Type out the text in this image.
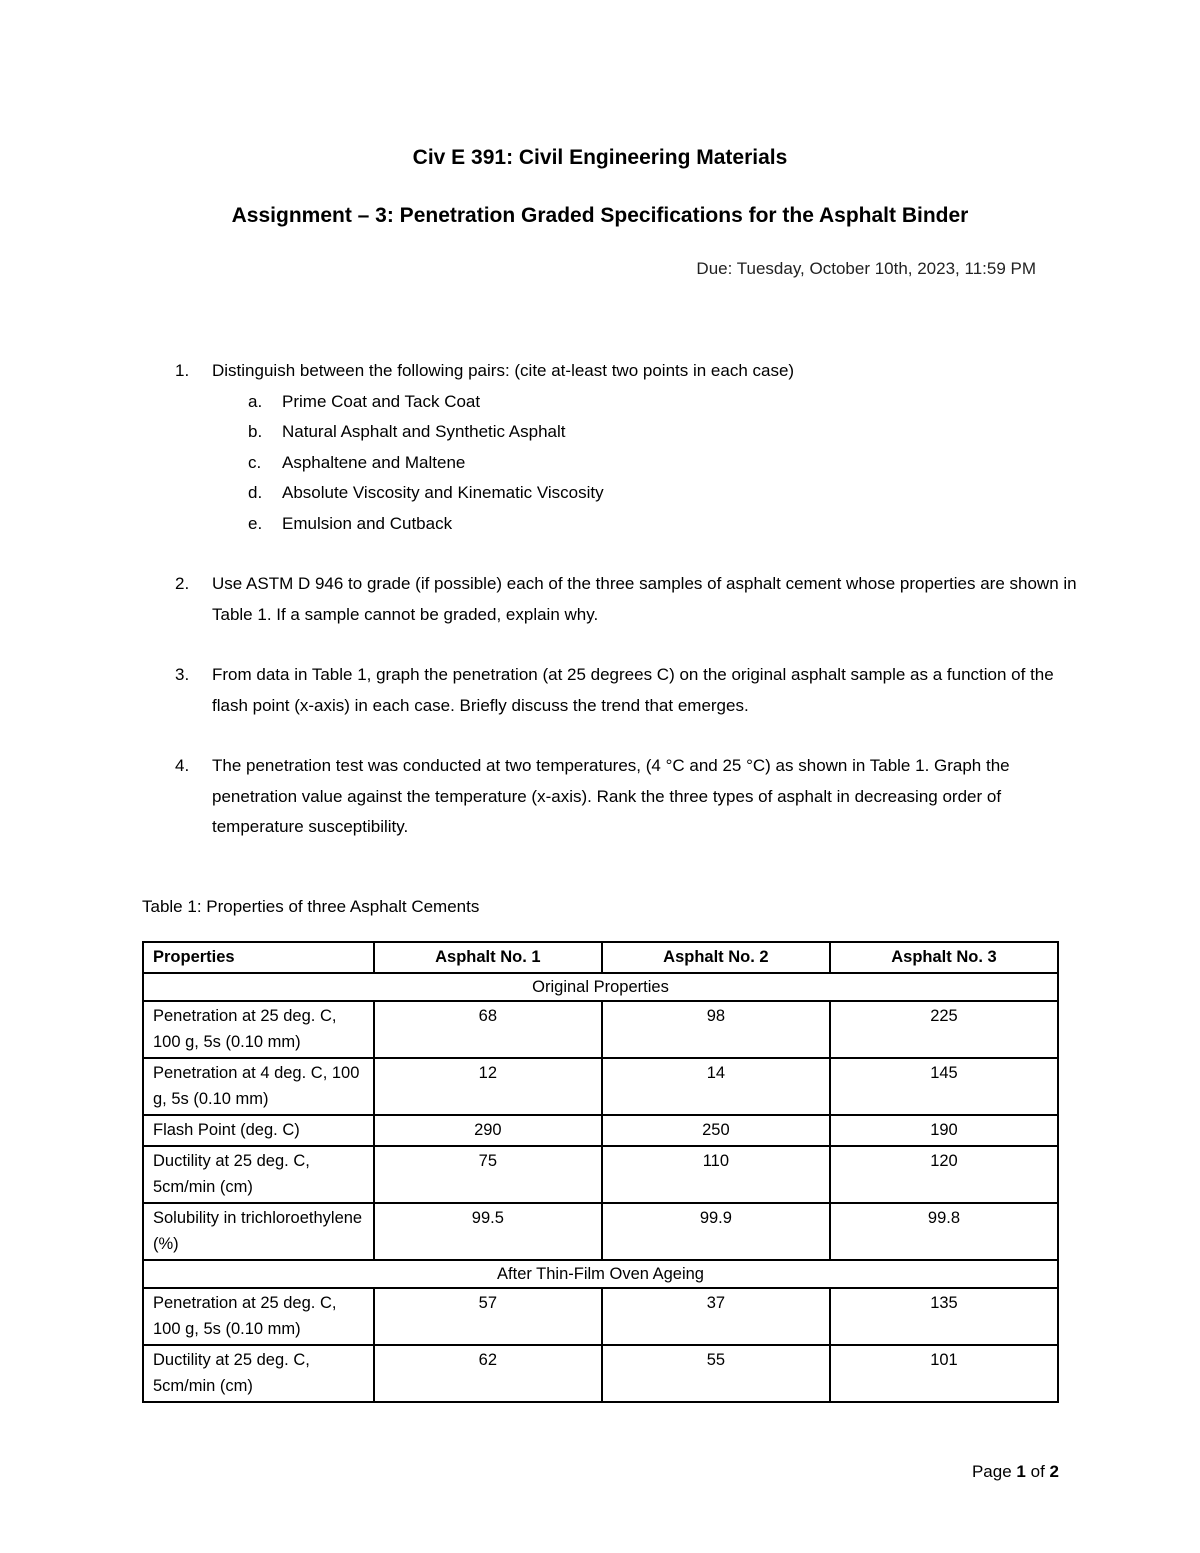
Civ E 391: Civil Engineering Materials
Assignment – 3: Penetration Graded Specifications for the Asphalt Binder
Due: Tuesday, October 10th, 2023, 11:59 PM
1. Distinguish between the following pairs: (cite at-least two points in each case)
a. Prime Coat and Tack Coat
b. Natural Asphalt and Synthetic Asphalt
c. Asphaltene and Maltene
d. Absolute Viscosity and Kinematic Viscosity
e. Emulsion and Cutback
2. Use ASTM D 946 to grade (if possible) each of the three samples of asphalt cement whose properties are shown in Table 1. If a sample cannot be graded, explain why.
3. From data in Table 1, graph the penetration (at 25 degrees C) on the original asphalt sample as a function of the flash point (x-axis) in each case. Briefly discuss the trend that emerges.
4. The penetration test was conducted at two temperatures, (4 °C and 25 °C) as shown in Table 1. Graph the penetration value against the temperature (x-axis). Rank the three types of asphalt in decreasing order of temperature susceptibility.
Table 1: Properties of three Asphalt Cements
Properties	Asphalt No. 1	Asphalt No. 2	Asphalt No. 3
Original Properties			
Penetration at 25 deg. C, 100 g, 5s (0.10 mm)	68	98	225
Penetration at 4 deg. C, 100 g, 5s (0.10 mm)	12	14	145
Flash Point (deg. C)	290	250	190
Ductility at 25 deg. C, 5cm/min (cm)	75	110	120
Solubility in trichloroethylene (%)	99.5	99.9	99.8
After Thin-Film Oven Ageing			
Penetration at 25 deg. C, 100 g, 5s (0.10 mm)	57	37	135
Ductility at 25 deg. C, 5cm/min (cm)	62	55	101
Page 1 of 2
